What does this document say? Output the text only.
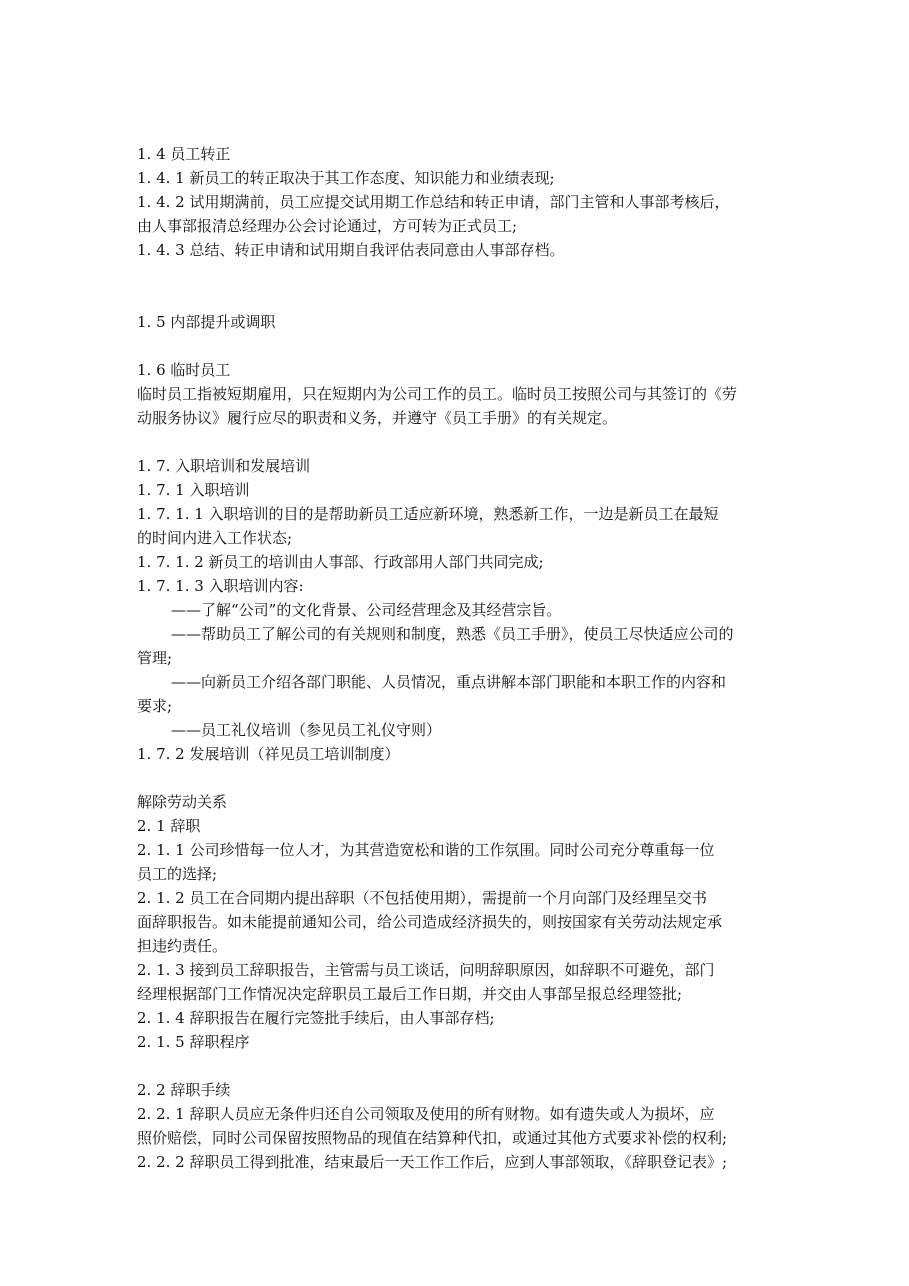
1. 4 员工转正
1. 4. 1 新员工的转正取决于其工作态度、知识能力和业绩表现;
1. 4. 2 试用期满前，员工应提交试用期工作总结和转正申请，部门主管和人事部考核后，
由人事部报清总经理办公会讨论通过，方可转为正式员工;
1. 4. 3 总结、转正申请和试用期自我评估表同意由人事部存档。
1. 5 内部提升或调职
1. 6 临时员工
临时员工指被短期雇用，只在短期内为公司工作的员工。临时员工按照公司与其签订的《劳
动服务协议》履行应尽的职责和义务，并遵守《员工手册》的有关规定。
1. 7. 入职培训和发展培训
1. 7. 1 入职培训
1. 7. 1. 1 入职培训的目的是帮助新员工适应新环境，熟悉新工作，一边是新员工在最短
的时间内进入工作状态;
1. 7. 1. 2 新员工的培训由人事部、行政部用人部门共同完成;
1. 7. 1. 3 入职培训内容:
——了解“公司”的文化背景、公司经营理念及其经营宗旨。
——帮助员工了解公司的有关规则和制度，熟悉《员工手册》，使员工尽快适应公司的
管理;
——向新员工介绍各部门职能、人员情况，重点讲解本部门职能和本职工作的内容和
要求;
——员工礼仪培训（参见员工礼仪守则）
1. 7. 2 发展培训（祥见员工培训制度）
解除劳动关系
2. 1 辞职
2. 1. 1 公司珍惜每一位人才，为其营造宽松和谐的工作氛围。同时公司充分尊重每一位
员工的选择;
2. 1. 2 员工在合同期内提出辞职（不包括使用期），需提前一个月向部门及经理呈交书
面辞职报告。如未能提前通知公司，给公司造成经济损失的，则按国家有关劳动法规定承
担违约责任。
2. 1. 3 接到员工辞职报告，主管需与员工谈话，问明辞职原因，如辞职不可避免，部门
经理根据部门工作情况决定辞职员工最后工作日期，并交由人事部呈报总经理签批;
2. 1. 4 辞职报告在履行完签批手续后，由人事部存档;
2. 1. 5 辞职程序
2. 2 辞职手续
2. 2. 1 辞职人员应无条件归还自公司领取及使用的所有财物。如有遗失或人为损坏，应
照价赔偿，同时公司保留按照物品的现值在结算种代扣，或通过其他方式要求补偿的权利;
2. 2. 2 辞职员工得到批准，结束最后一天工作工作后，应到人事部领取，《辞职登记表》;
